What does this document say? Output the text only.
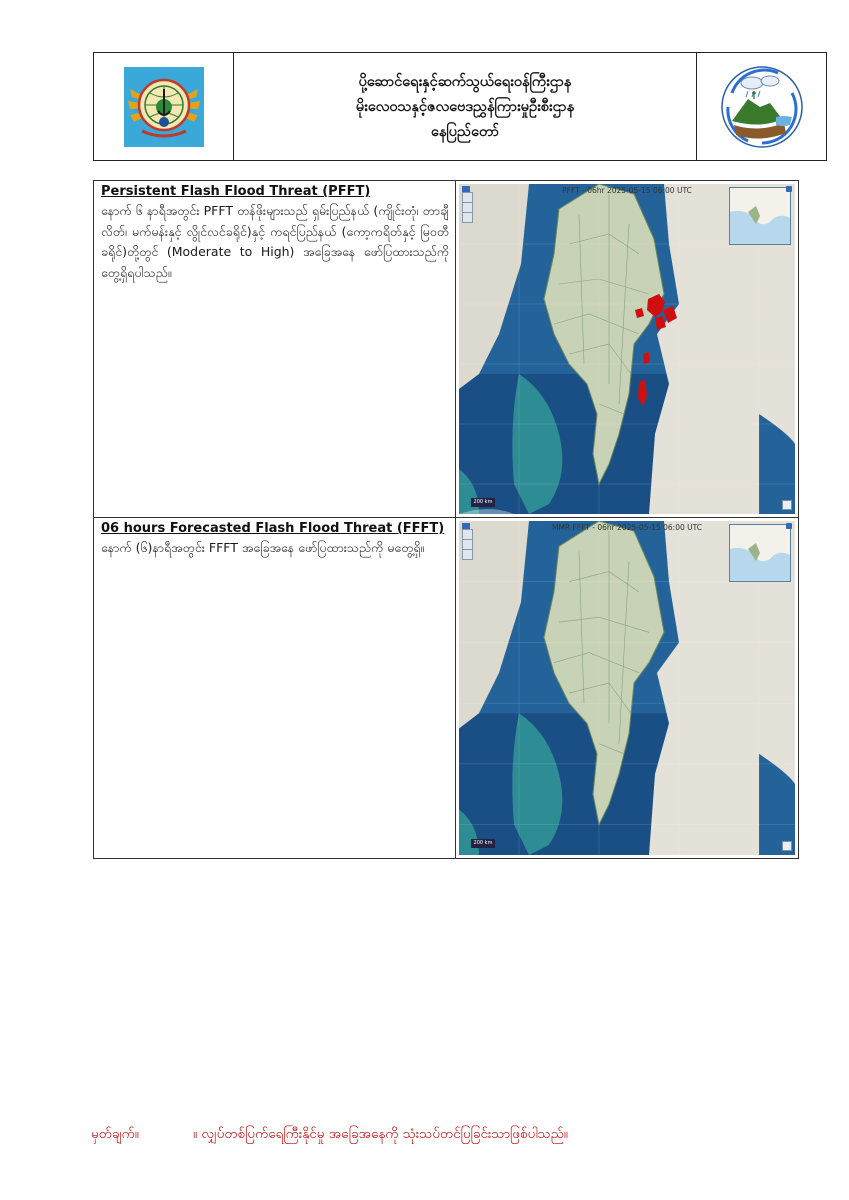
ပို့ဆောင်ရေးနှင့်ဆက်သွယ်ရေးဝန်ကြီးဌာန
မိုးလေဝသနှင့်ဇလဗေဒညွှန်ကြားမှုဦးစီးဌာန
နေပြည်တော်
Persistent Flash Flood Threat (PFFT)

နောက် ၆ နာရီအတွင်း PFFT တန်ဖိုးများသည် ရှမ်းပြည်နယ် (ကျိုင်းတုံ၊ တာချီလိတ်၊ မက်မန်းနှင့် လွိုင်လင်ခရိုင်)နှင့် ကရင်ပြည်နယ် (ကော့ကရိတ်နှင့် မြဝတီခရိုင်)တို့တွင် (Moderate to High) အခြေအနေ ဖော်ပြထားသည်ကို တွေ့ရှိရပါသည်။

PFFT - 06hr 2025-05-15 06:00 UTC
200 km
06 hours Forecasted Flash Flood Threat (FFFT)

နောက် (၆)နာရီအတွင်း FFFT အခြေအနေ ဖော်ပြထားသည်ကို မတွေ့ရှိ။

MMR FFFT - 06hr 2025-05-15 06:00 UTC
200 km
မှတ်ချက်။	။ လျှပ်တစ်ပြက်ရေကြီးနိုင်မှု အခြေအနေကို သုံးသပ်တင်ပြခြင်းသာဖြစ်ပါသည်။
